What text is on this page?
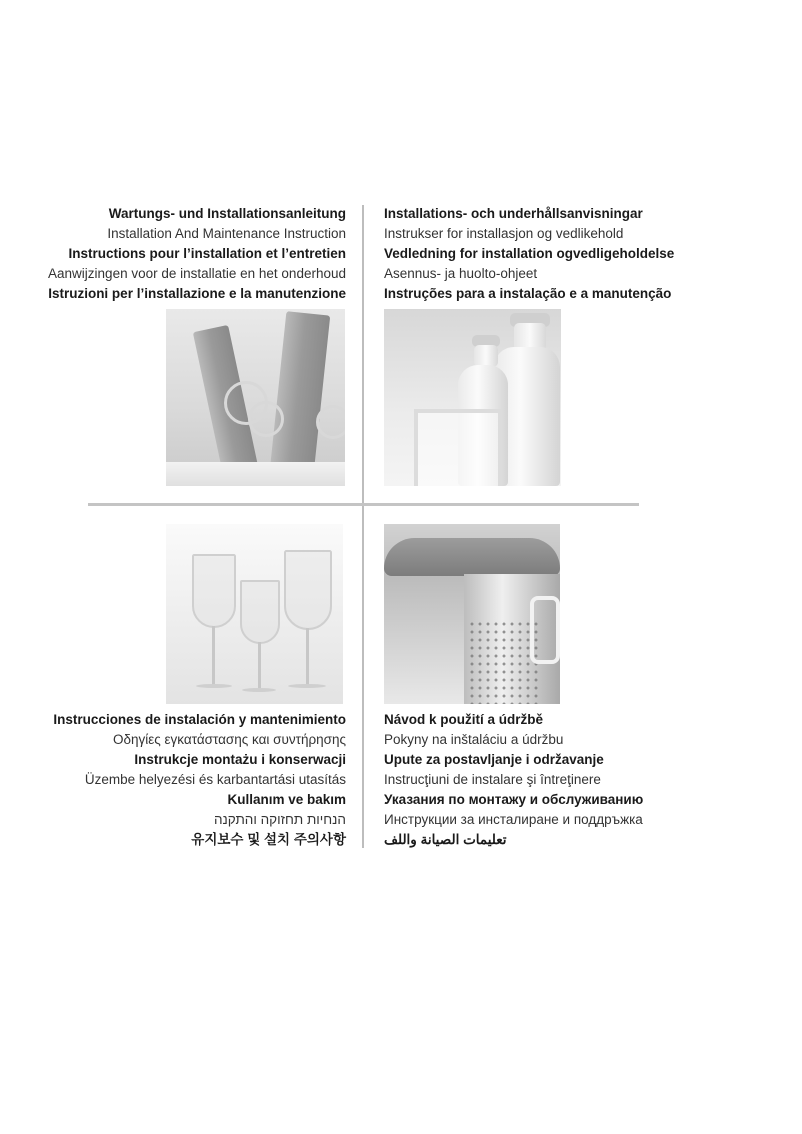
Wartungs- und Installationsanleitung
Installation And Maintenance Instruction
Instructions pour l’installation et l’entretien
Aanwijzingen voor de installatie en het onderhoud
Istruzioni per l’installazione e la manutenzione
Installations- och underhållsanvisningar
Instrukser for installasjon og vedlikehold
Vedledning for installation ogvedligeholdelse
Asennus- ja huolto-ohjeet
Instruções para a instalação e a manutenção
Instrucciones de instalación y mantenimiento
Οδηγίες εγκατάστασης και συντήρησης
Instrukcje montażu i konserwacji
Üzembe helyezési és karbantartási utasítás
Kullanım ve bakım
הנחיות תחזוקה והתקנה
유지보수 및 설치 주의사항
Návod k použití a údržbě
Pokyny na inštaláciu a údržbu
Upute za postavljanje i održavanje
Instrucţiuni de instalare şi întreţinere
Указания по монтажу и обслуживанию
Инструкции за инсталиране и поддръжка
تعليمات الصيانة واللف
